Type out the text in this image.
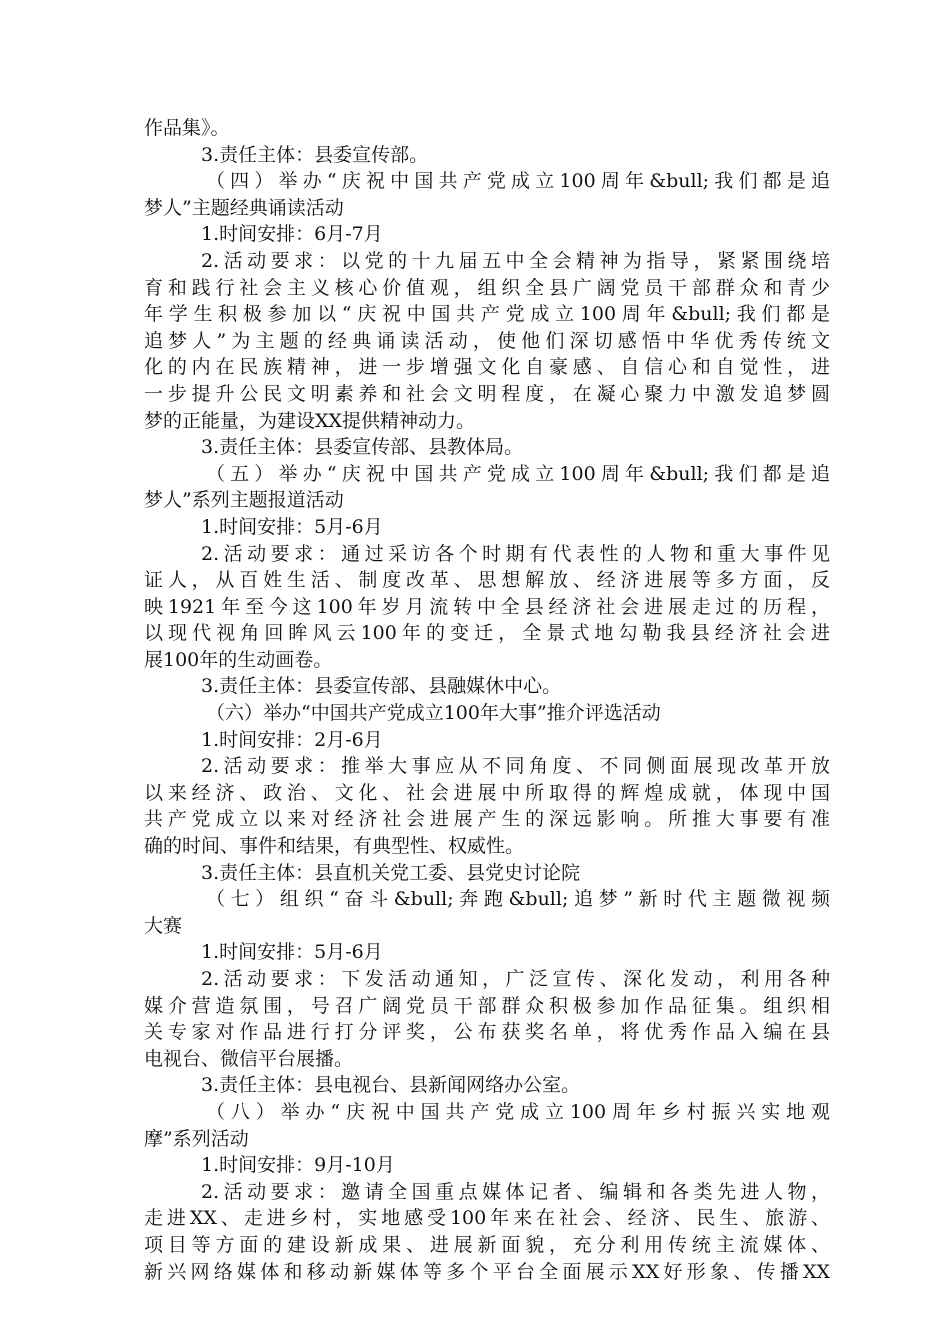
作品集》。
3.责任主体：县委宣传部。
（四）举办“庆祝中国共产党成立100周年&bull;我们都是追
梦人”主题经典诵读活动
1.时间安排：6月-7月
2.活动要求：以党的十九届五中全会精神为指导，紧紧围绕培
育和践行社会主义核心价值观，组织全县广阔党员干部群众和青少
年学生积极参加以“庆祝中国共产党成立100周年&bull;我们都是
追梦人”为主题的经典诵读活动，使他们深切感悟中华优秀传统文
化的内在民族精神，进一步增强文化自豪感、自信心和自觉性，进
一步提升公民文明素养和社会文明程度，在凝心聚力中激发追梦圆
梦的正能量，为建设XX提供精神动力。
3.责任主体：县委宣传部、县教体局。
（五）举办“庆祝中国共产党成立100周年&bull;我们都是追
梦人”系列主题报道活动
1.时间安排：5月-6月
2.活动要求：通过采访各个时期有代表性的人物和重大事件见
证人，从百姓生活、制度改革、思想解放、经济进展等多方面，反
映1921年至今这100年岁月流转中全县经济社会进展走过的历程，
以现代视角回眸风云100年的变迁，全景式地勾勒我县经济社会进
展100年的生动画卷。
3.责任主体：县委宣传部、县融媒休中心。
（六）举办“中国共产党成立100年大事”推介评选活动
1.时间安排：2月-6月
2.活动要求：推举大事应从不同角度、不同侧面展现改革开放
以来经济、政治、文化、社会进展中所取得的辉煌成就，体现中国
共产党成立以来对经济社会进展产生的深远影响。所推大事要有准
确的时间、事件和结果，有典型性、权威性。
3.责任主体：县直机关党工委、县党史讨论院
（七）组织“奋斗&bull;奔跑&bull;追梦”新时代主题微视频
大赛
1.时间安排：5月-6月
2.活动要求：下发活动通知，广泛宣传、深化发动，利用各种
媒介营造氛围，号召广阔党员干部群众积极参加作品征集。组织相
关专家对作品进行打分评奖，公布获奖名单，将优秀作品入编在县
电视台、微信平台展播。
3.责任主体：县电视台、县新闻网络办公室。
（八）举办“庆祝中国共产党成立100周年乡村振兴实地观
摩”系列活动
1.时间安排：9月-10月
2.活动要求：邀请全国重点媒体记者、编辑和各类先进人物，
走进XX、走进乡村，实地感受100年来在社会、经济、民生、旅游、
项目等方面的建设新成果、进展新面貌，充分利用传统主流媒体、
新兴网络媒体和移动新媒体等多个平台全面展示XX好形象、传播XX
